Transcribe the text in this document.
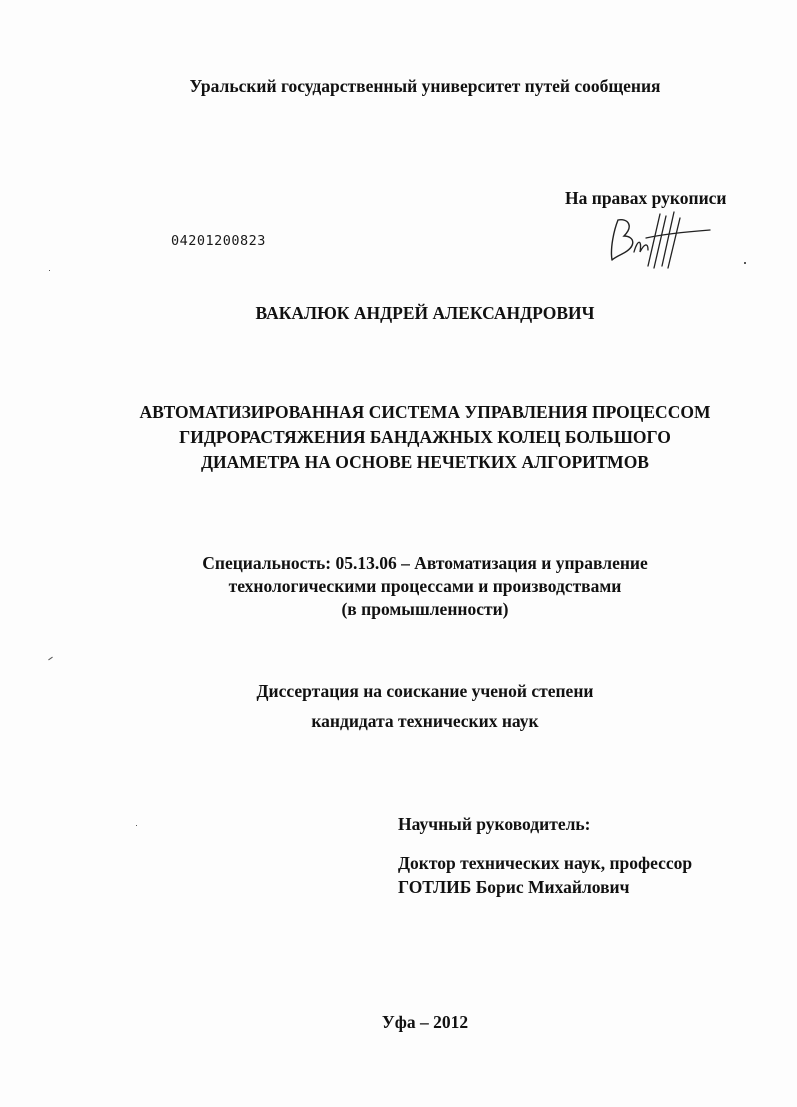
Уральский государственный университет путей сообщения
На правах рукописи
04201200823
ВАКАЛЮК АНДРЕЙ АЛЕКСАНДРОВИЧ
АВТОМАТИЗИРОВАННАЯ СИСТЕМА УПРАВЛЕНИЯ ПРОЦЕССОМ
ГИДРОРАСТЯЖЕНИЯ БАНДАЖНЫХ КОЛЕЦ БОЛЬШОГО
ДИАМЕТРА НА ОСНОВЕ НЕЧЕТКИХ АЛГОРИТМОВ
Специальность: 05.13.06 – Автоматизация и управление
технологическими процессами и производствами
(в промышленности)
Диссертация на соискание ученой степени
кандидата технических наук
Научный руководитель:
Доктор технических наук, профессор
ГОТЛИБ Борис Михайлович
Уфа – 2012
